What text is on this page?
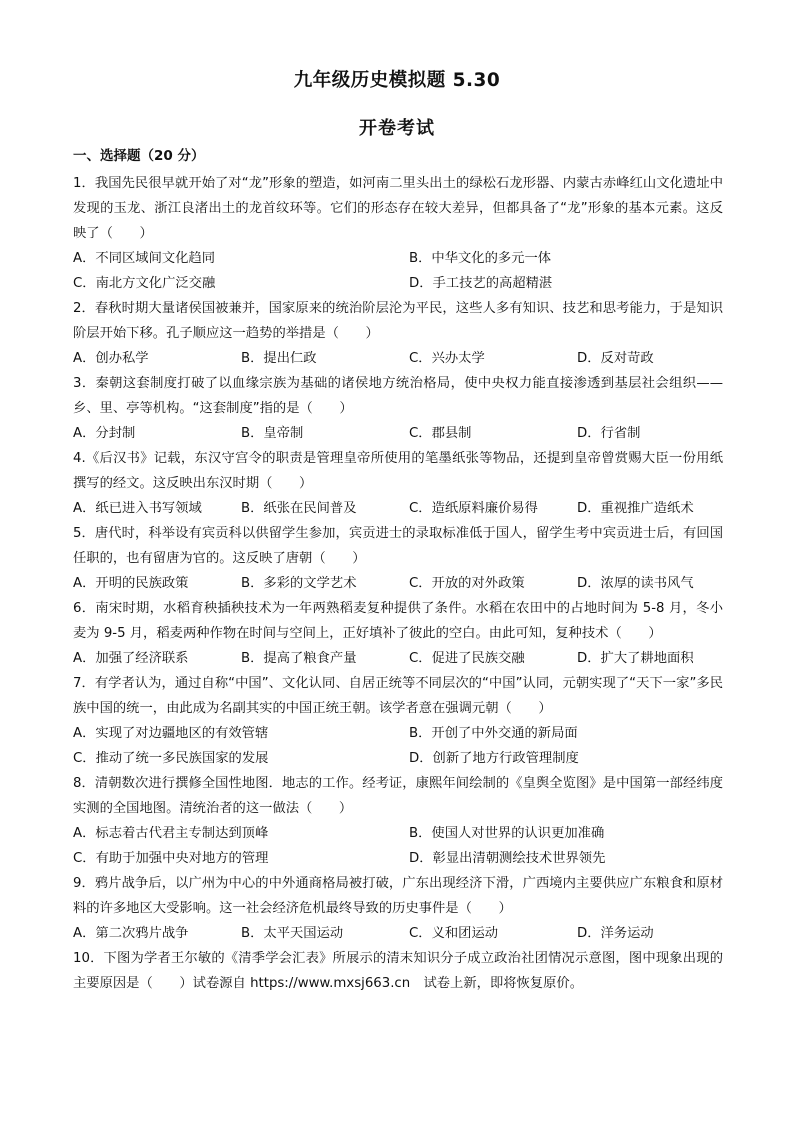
九年级历史模拟题 5.30
开卷考试
一、选择题（20 分）

1．我国先民很早就开始了对“龙”形象的塑造，如河南二里头出土的绿松石龙形器、内蒙古赤峰红山文化遗址中发现的玉龙、浙江良渚出土的龙首纹环等。它们的形态存在较大差异，但都具备了“龙”形象的基本元素。这反映了（　　）

A．不同区域间文化趋同	B．中华文化的多元一体
C．南北方文化广泛交融	D．手工技艺的高超精湛

2．春秋时期大量诸侯国被兼并，国家原来的统治阶层沦为平民，这些人多有知识、技艺和思考能力，于是知识阶层开始下移。孔子顺应这一趋势的举措是（　　）

A．创办私学	B．提出仁政	C．兴办太学	D．反对苛政

3．秦朝这套制度打破了以血缘宗族为基础的诸侯地方统治格局，使中央权力能直接渗透到基层社会组织——乡、里、亭等机构。“这套制度”指的是（　　）

A．分封制	B．皇帝制	C．郡县制	D．行省制

4.《后汉书》记载，东汉守宫令的职责是管理皇帝所使用的笔墨纸张等物品，还提到皇帝曾赏赐大臣一份用纸撰写的经文。这反映出东汉时期（　　）

A．纸已进入书写领域	B．纸张在民间普及	C．造纸原料廉价易得	D．重视推广造纸术

5．唐代时，科举设有宾贡科以供留学生参加，宾贡进士的录取标准低于国人，留学生考中宾贡进士后，有回国任职的，也有留唐为官的。这反映了唐朝（　　）

A．开明的民族政策	B．多彩的文学艺术	C．开放的对外政策	D．浓厚的读书风气

6．南宋时期，水稻育秧插秧技术为一年两熟稻麦复种提供了条件。水稻在农田中的占地时间为 5-8 月，冬小麦为 9-5 月，稻麦两种作物在时间与空间上，正好填补了彼此的空白。由此可知，复种技术（　　）

A．加强了经济联系	B．提高了粮食产量	C．促进了民族交融	D．扩大了耕地面积

7．有学者认为，通过自称“中国”、文化认同、自居正统等不同层次的“中国”认同，元朝实现了“天下一家”多民族中国的统一，由此成为名副其实的中国正统王朝。该学者意在强调元朝（　　）

A．实现了对边疆地区的有效管辖	B．开创了中外交通的新局面
C．推动了统一多民族国家的发展	D．创新了地方行政管理制度

8．清朝数次进行撰修全国性地图．地志的工作。经考证，康熙年间绘制的《皇舆全览图》是中国第一部经纬度实测的全国地图。清统治者的这一做法（　　）

A．标志着古代君主专制达到顶峰	B．使国人对世界的认识更加准确
C．有助于加强中央对地方的管理	D．彰显出清朝测绘技术世界领先

9．鸦片战争后，以广州为中心的中外通商格局被打破，广东出现经济下滑，广西境内主要供应广东粮食和原材料的许多地区大受影响。这一社会经济危机最终导致的历史事件是（　　）

A．第二次鸦片战争	B．太平天国运动	C．义和团运动	D．洋务运动

10．下图为学者王尔敏的《清季学会汇表》所展示的清末知识分子成立政治社团情况示意图，图中现象出现的主要原因是（　　）试卷源自 https://www.mxsj663.cn　试卷上新，即将恢复原价。
